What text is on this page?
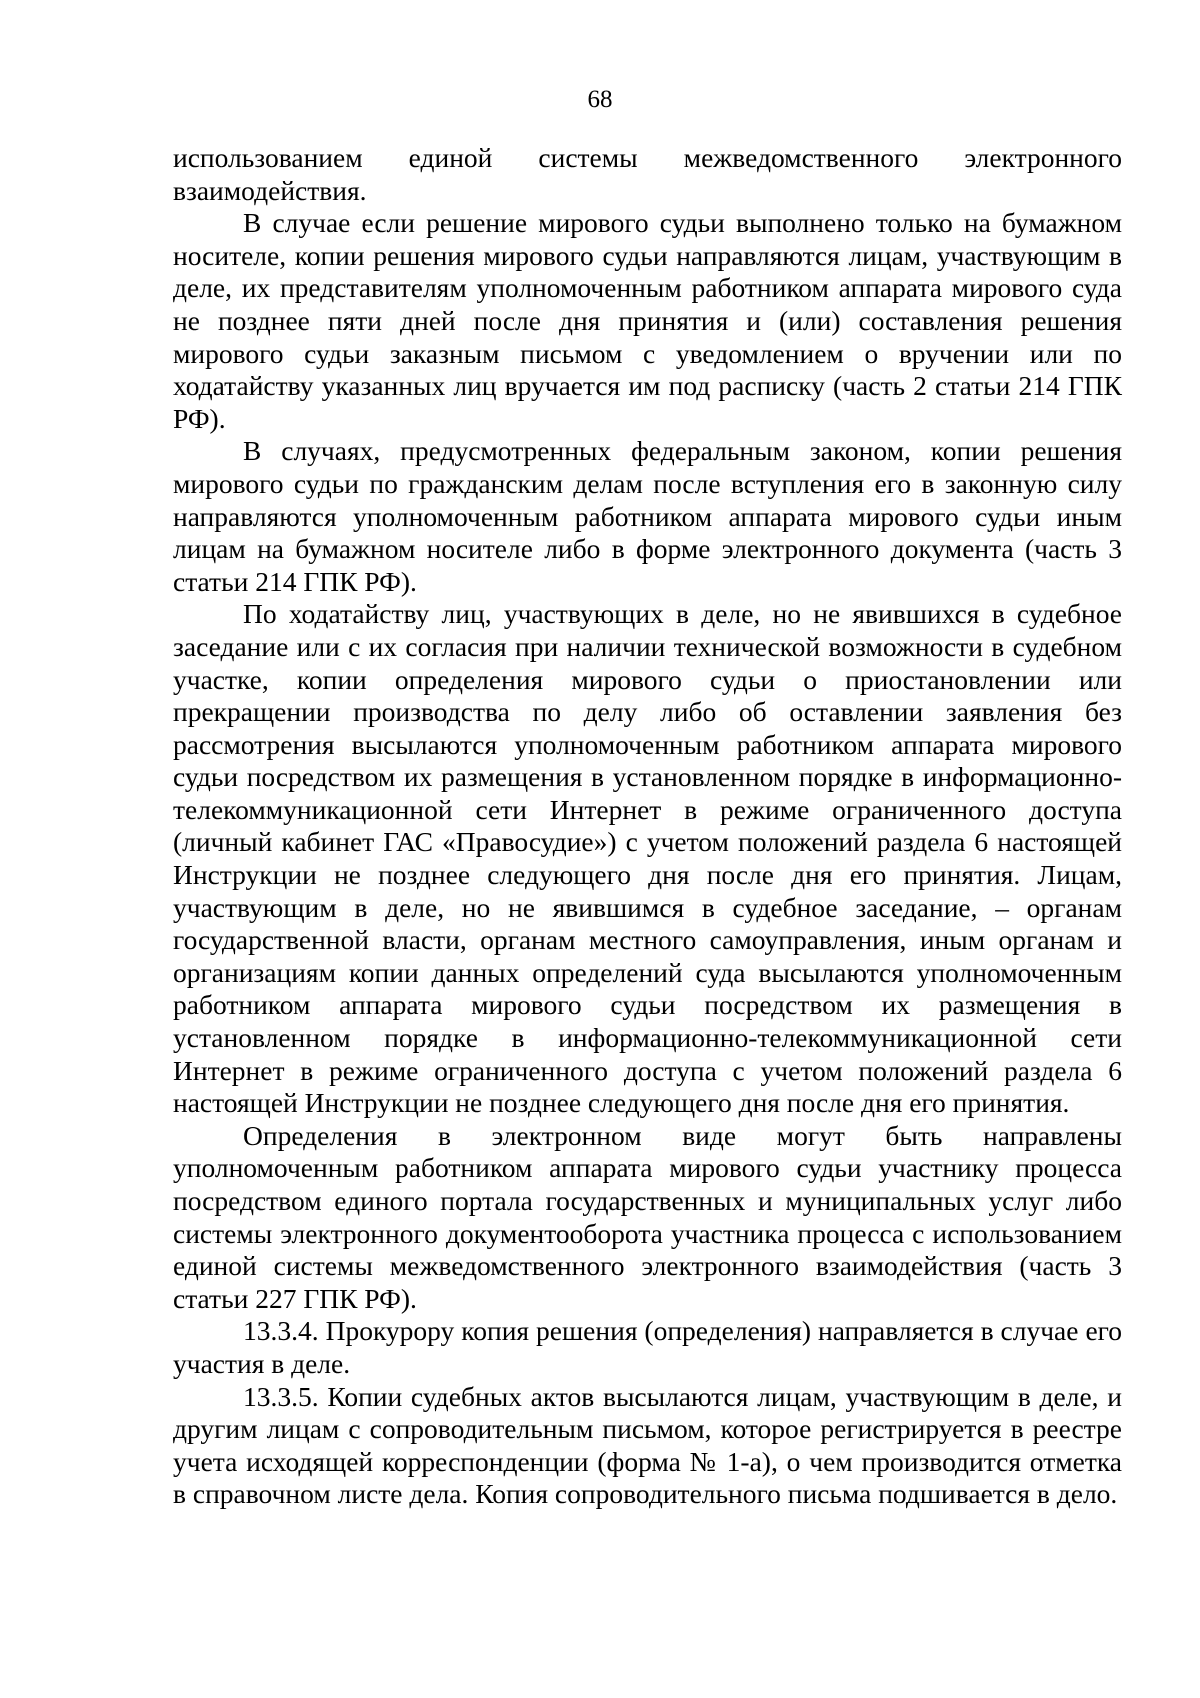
68

использованием единой системы межведомственного электронного взаимодействия.

В случае если решение мирового судьи выполнено только на бумажном носителе, копии решения мирового судьи направляются лицам, участвующим в деле, их представителям уполномоченным работником аппарата мирового суда не позднее пяти дней после дня принятия и (или) составления решения мирового судьи заказным письмом с уведомлением о вручении или по ходатайству указанных лиц вручается им под расписку (часть 2 статьи 214 ГПК РФ).

В случаях, предусмотренных федеральным законом, копии решения мирового судьи по гражданским делам после вступления его в законную силу направляются уполномоченным работником аппарата мирового судьи иным лицам на бумажном носителе либо в форме электронного документа (часть 3 статьи 214 ГПК РФ).

По ходатайству лиц, участвующих в деле, но не явившихся в судебное заседание или с их согласия при наличии технической возможности в судебном участке, копии определения мирового судьи о приостановлении или прекращении производства по делу либо об оставлении заявления без рассмотрения высылаются уполномоченным работником аппарата мирового судьи посредством их размещения в установленном порядке в информационно-телекоммуникационной сети Интернет в режиме ограниченного доступа (личный кабинет ГАС «Правосудие») с учетом положений раздела 6 настоящей Инструкции не позднее следующего дня после дня его принятия. Лицам, участвующим в деле, но не явившимся в судебное заседание, – органам государственной власти, органам местного самоуправления, иным органам и организациям копии данных определений суда высылаются уполномоченным работником аппарата мирового судьи посредством их размещения в установленном порядке в информационно-телекоммуникационной сети Интернет в режиме ограниченного доступа с учетом положений раздела 6 настоящей Инструкции не позднее следующего дня после дня его принятия.

Определения в электронном виде могут быть направлены уполномоченным работником аппарата мирового судьи участнику процесса посредством единого портала государственных и муниципальных услуг либо системы электронного документооборота участника процесса с использованием единой системы межведомственного электронного взаимодействия (часть 3 статьи 227 ГПК РФ).

13.3.4. Прокурору копия решения (определения) направляется в случае его участия в деле.

13.3.5. Копии судебных актов высылаются лицам, участвующим в деле, и другим лицам с сопроводительным письмом, которое регистрируется в реестре учета исходящей корреспонденции (форма № 1-а), о чем производится отметка в справочном листе дела. Копия сопроводительного письма подшивается в дело.
